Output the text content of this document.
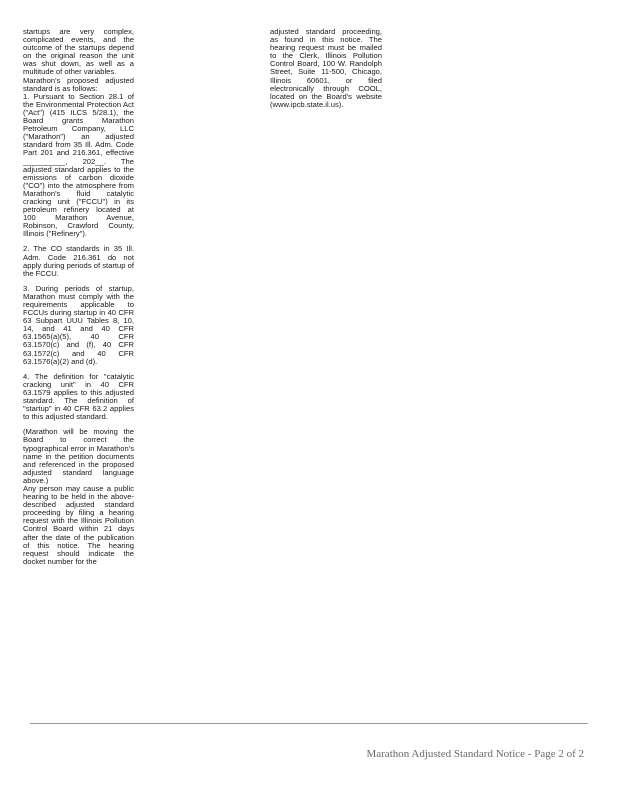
startups are very complex, complicated events, and the outcome of the startups depend on the original reason the unit was shut down, as well as a multitude of other variables.

Marathon's proposed adjusted standard is as follows:

1. Pursuant to Section 28.1 of the Environmental Protection Act ("Act") (415 ILCS 5/28.1), the Board grants Marathon Petroleum Company, LLC ("Marathon") an adjusted standard from 35 Ill. Adm. Code Part 201 and 216.361, effective __________, 202__. The adjusted standard applies to the emissions of carbon dioxide ("CO") into the atmosphere from Marathon's fluid catalytic cracking unit ("FCCU") in its petroleum refinery located at 100 Marathon Avenue, Robinson, Crawford County, Illinois ("Refinery").

2. The CO standards in 35 Ill. Adm. Code 216.361 do not apply during periods of startup of the FCCU.

3. During periods of startup, Marathon must comply with the requirements applicable to FCCUs during startup in 40 CFR 63 Subpart UUU Tables 8, 10, 14, and 41 and 40 CFR 63.1565(a)(5), 40 CFR 63.1570(c) and (f), 40 CFR 63.1572(c) and 40 CFR 63.1576(a)(2) and (d).

4. The definition for "catalytic cracking unit" in 40 CFR 63.1579 applies to this adjusted standard. The definition of "startup" in 40 CFR 63.2 applies to this adjusted standard.

(Marathon will be moving the Board to correct the typographical error in Marathon's name in the petition documents and referenced in the proposed adjusted standard language above.)

Any person may cause a public hearing to be held in the above-described adjusted standard proceeding by filing a hearing request with the Illinois Pollution Control Board within 21 days after the date of the publication of this notice. The hearing request should indicate the docket number for the

adjusted standard proceeding, as found in this notice. The hearing request must be mailed to the Clerk, Illinois Pollution Control Board, 100 W. Randolph Street, Suite 11-500, Chicago, Illinois 60601, or filed electronically through COOL, located on the Board's website (www.ipcb.state.il.us).

Marathon Adjusted Standard Notice - Page 2 of 2
